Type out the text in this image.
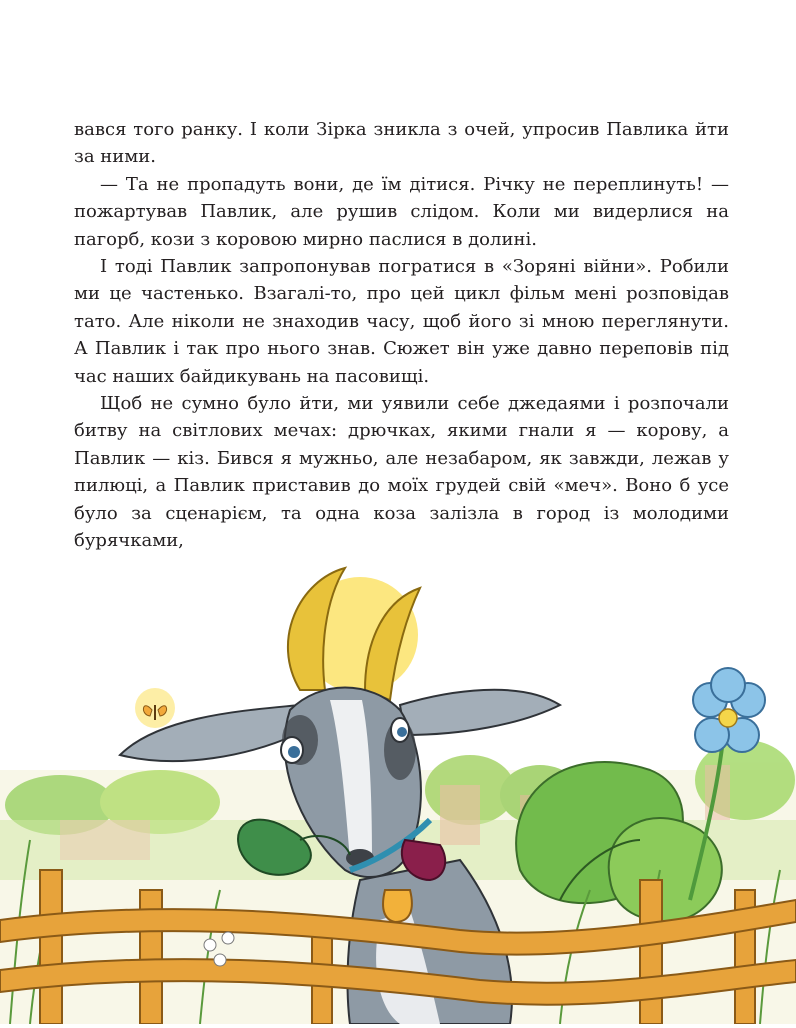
вався того ранку. І коли Зірка зникла з очей, упросив Павлика йти за ними.

— Та не пропадуть вони, де їм дітися. Річку не переплинуть! — пожартував Павлик, але рушив слідом. Коли ми видерлися на пагорб, кози з коровою мирно паслися в долині.

І тоді Павлик запропонував погратися в «Зоряні війни». Робили ми це частенько. Взагалі-то, про цей цикл фільм мені розповідав тато. Але ніколи не знаходив часу, щоб його зі мною переглянути. А Павлик і так про нього знав. Сюжет він уже давно переповів під час наших байдикувань на пасовищі.

Щоб не сумно було йти, ми уявили себе джедаями і розпочали битву на світлових мечах: дрючках, якими гнали я — корову, а Павлик — кіз. Бився я мужньо, але незабаром, як завжди, лежав у пилюці, а Павлик приставив до моїх грудей свій «меч». Воно б усе було за сценарієм, та одна коза залізла в город із молодими бурячками,
